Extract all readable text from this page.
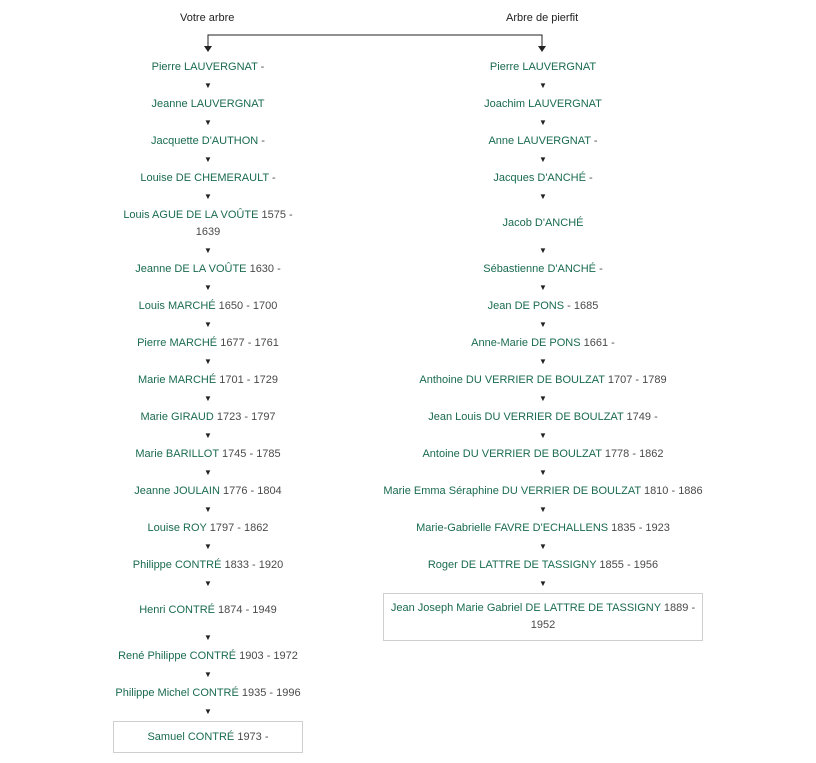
Votre arbre	Arbre de pierfit
Pierre LAUVERGNAT -
▼
Jeanne LAUVERGNAT
▼
Jacquette D'AUTHON -
▼
Louise DE CHEMERAULT -
▼
Louis AGUE DE LA VOÛTE 1575 - 1639
▼
Jeanne DE LA VOÛTE 1630 -
▼
Louis MARCHÉ 1650 - 1700
▼
Pierre MARCHÉ 1677 - 1761
▼
Marie MARCHÉ 1701 - 1729
▼
Marie GIRAUD 1723 - 1797
▼
Marie BARILLOT 1745 - 1785
▼
Jeanne JOULAIN 1776 - 1804
▼
Louise ROY 1797 - 1862
▼
Philippe CONTRÉ 1833 - 1920
▼
Henri CONTRÉ 1874 - 1949
▼
René Philippe CONTRÉ 1903 - 1972
▼
Philippe Michel CONTRÉ 1935 - 1996
▼
Samuel CONTRÉ 1973 -
Pierre LAUVERGNAT
▼
Joachim LAUVERGNAT
▼
Anne LAUVERGNAT -
▼
Jacques D'ANCHÉ -
▼
Jacob D'ANCHÉ
▼
Sébastienne D'ANCHÉ -
▼
Jean DE PONS - 1685
▼
Anne-Marie DE PONS 1661 -
▼
Anthoine DU VERRIER DE BOULZAT 1707 - 1789
▼
Jean Louis DU VERRIER DE BOULZAT 1749 -
▼
Antoine DU VERRIER DE BOULZAT 1778 - 1862
▼
Marie Emma Séraphine DU VERRIER DE BOULZAT 1810 - 1886
▼
Marie-Gabrielle FAVRE D'ECHALLENS 1835 - 1923
▼
Roger DE LATTRE DE TASSIGNY 1855 - 1956
▼
Jean Joseph Marie Gabriel DE LATTRE DE TASSIGNY 1889 - 1952
